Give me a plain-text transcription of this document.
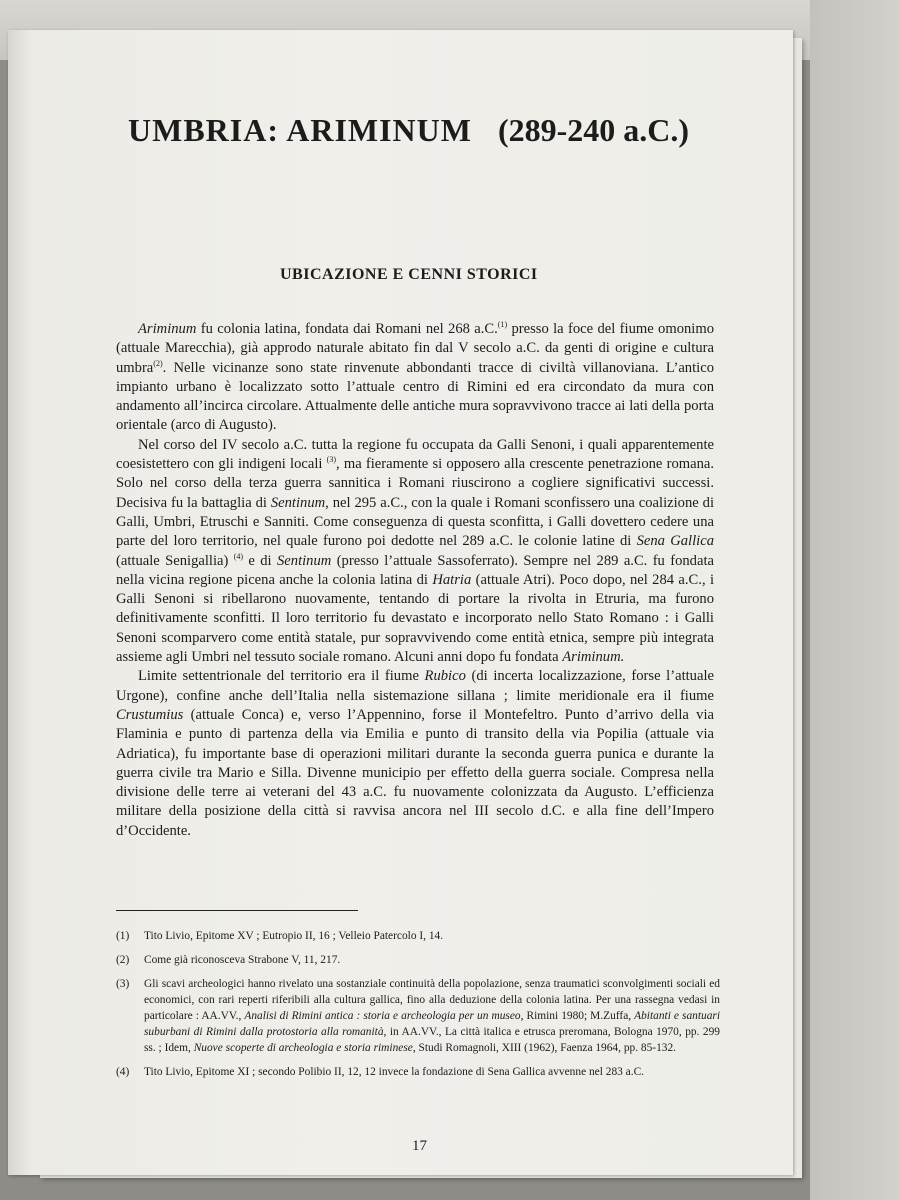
UMBRIA: ARIMINUM (289-240 a.C.)
UBICAZIONE E CENNI STORICI

Ariminum fu colonia latina, fondata dai Romani nel 268 a.C.$^{(1)}$ presso la foce del fiume omonimo (attuale Marecchia), già approdo naturale abitato fin dal V secolo a.C. da genti di origine e cultura umbra$^{(2)}$. Nelle vicinanze sono state rinvenute abbondanti tracce di civiltà villanoviana. L’antico impianto urbano è localizzato sotto l’attuale centro di Rimini ed era circondato da mura con andamento all’incirca circolare. Attualmente delle antiche mura sopravvivono tracce ai lati della porta orientale (arco di Augusto).

Nel corso del IV secolo a.C. tutta la regione fu occupata da Galli Senoni, i quali apparentemente coesistettero con gli indigeni locali $^{(3)}$, ma fieramente si opposero alla crescente penetrazione romana. Solo nel corso della terza guerra sannitica i Romani riuscirono a cogliere significativi successi. Decisiva fu la battaglia di Sentinum, nel 295 a.C., con la quale i Romani sconfissero una coalizione di Galli, Umbri, Etruschi e Sanniti. Come conseguenza di questa sconfitta, i Galli dovettero cedere una parte del loro territorio, nel quale furono poi dedotte nel 289 a.C. le colonie latine di Sena Gallica (attuale Senigallia) $^{(4)}$ e di Sentinum (presso l’attuale Sassoferrato). Sempre nel 289 a.C. fu fondata nella vicina regione picena anche la colonia latina di Hatria (attuale Atri). Poco dopo, nel 284 a.C., i Galli Senoni si ribellarono nuovamente, tentando di portare la rivolta in Etruria, ma furono definitivamente sconfitti. Il loro territorio fu devastato e incorporato nello Stato Romano : i Galli Senoni scomparvero come entità statale, pur sopravvivendo come entità etnica, sempre più integrata assieme agli Umbri nel tessuto sociale romano. Alcuni anni dopo fu fondata Ariminum.

Limite settentrionale del territorio era il fiume Rubico (di incerta localizzazione, forse l’attuale Urgone), confine anche dell’Italia nella sistemazione sillana ; limite meridionale era il fiume Crustumius (attuale Conca) e, verso l’Appennino, forse il Montefeltro. Punto d’arrivo della via Flaminia e punto di partenza della via Emilia e punto di transito della via Popilia (attuale via Adriatica), fu importante base di operazioni militari durante la seconda guerra punica e durante la guerra civile tra Mario e Silla. Divenne municipio per effetto della guerra sociale. Compresa nella divisione delle terre ai veterani del 43 a.C. fu nuovamente colonizzata da Augusto. L’efficienza militare della posizione della città si ravvisa ancora nel III secolo d.C. e alla fine dell’Impero d’Occidente.

(1)	Tito Livio, Epitome XV ; Eutropio II, 16 ; Velleio Patercolo I, 14.
(2)	Come già riconosceva Strabone V, 11, 217.
(3)	Gli scavi archeologici hanno rivelato una sostanziale continuità della popolazione, senza traumatici sconvolgimenti sociali ed economici, con rari reperti riferibili alla cultura gallica, fino alla deduzione della colonia latina. Per una rassegna vedasi in particolare : AA.VV., Analisi di Rimini antica : storia e archeologia per un museo, Rimini 1980; M.Zuffa, Abitanti e santuari suburbani di Rimini dalla protostoria alla romanità, in AA.VV., La città italica e etrusca preromana, Bologna 1970, pp. 299 ss. ; Idem, Nuove scoperte di archeologia e storia riminese, Studi Romagnoli, XIII (1962), Faenza 1964, pp. 85-132.
(4)	Tito Livio, Epitome XI ; secondo Polibio II, 12, 12 invece la fondazione di Sena Gallica avvenne nel 283 a.C.
17
